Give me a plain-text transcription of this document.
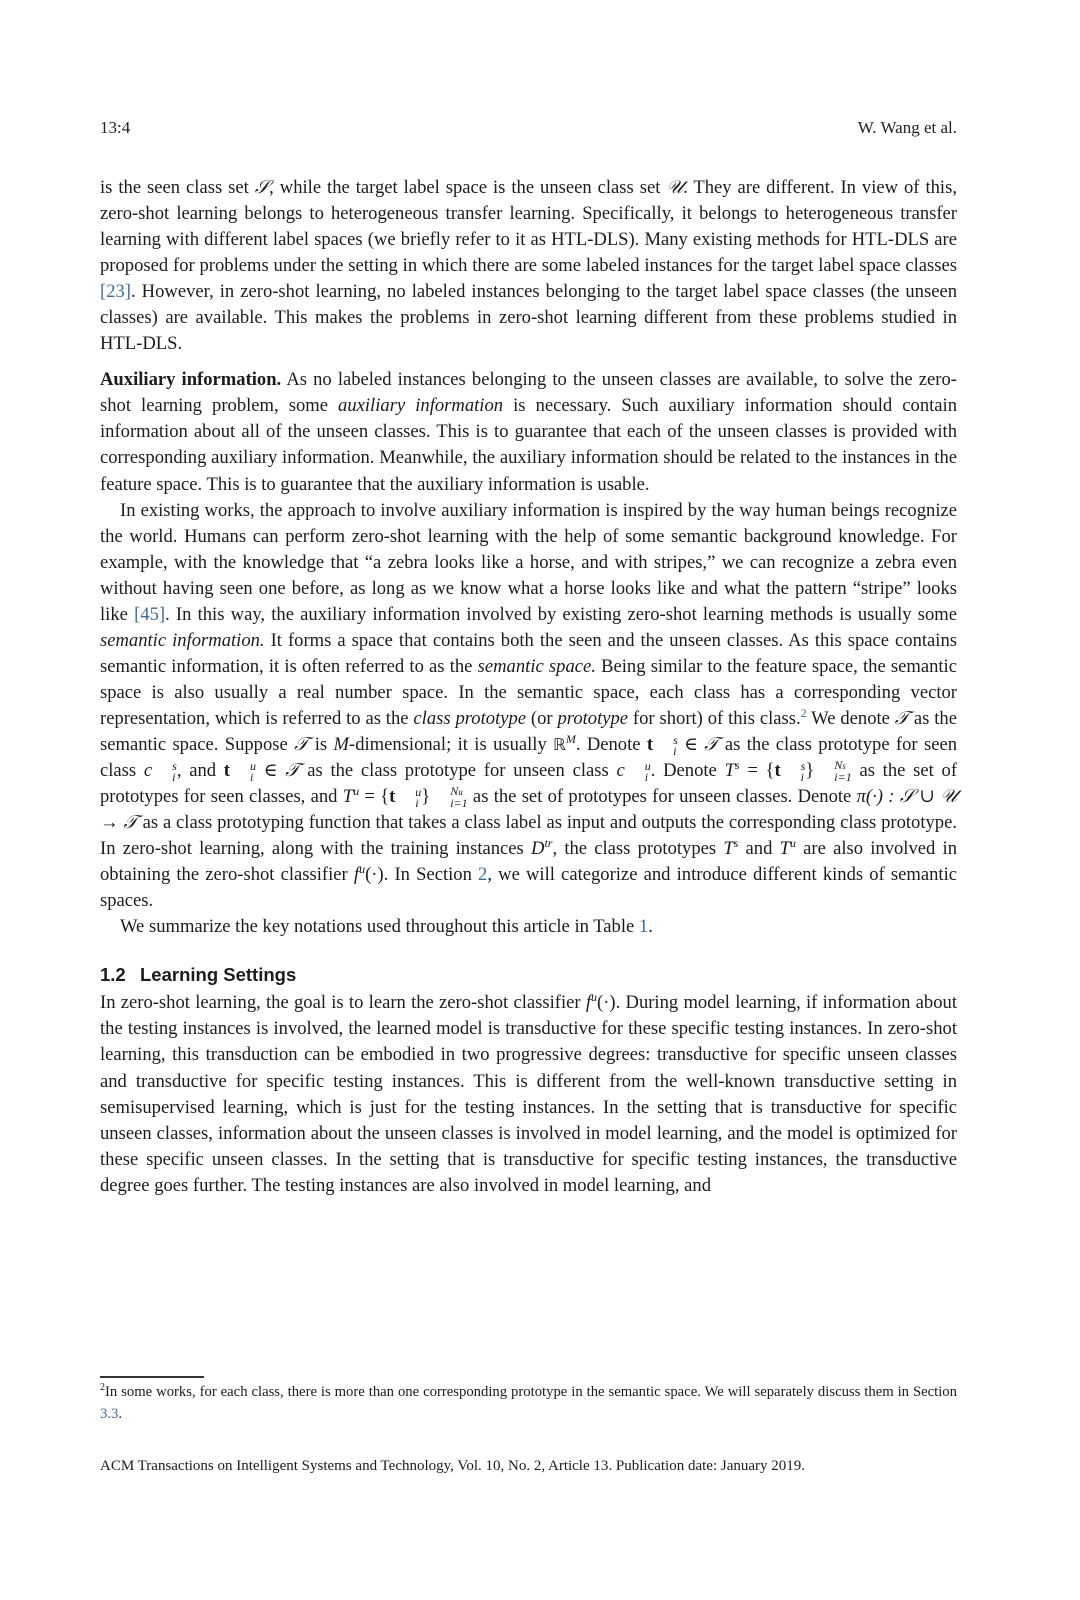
13:4	W. Wang et al.

is the seen class set 𝒮, while the target label space is the unseen class set 𝒰. They are different. In view of this, zero-shot learning belongs to heterogeneous transfer learning. Specifically, it belongs to heterogeneous transfer learning with different label spaces (we briefly refer to it as HTL-DLS). Many existing methods for HTL-DLS are proposed for problems under the setting in which there are some labeled instances for the target label space classes [23]. However, in zero-shot learning, no labeled instances belonging to the target label space classes (the unseen classes) are available. This makes the problems in zero-shot learning different from these problems studied in HTL-DLS.

Auxiliary information. As no labeled instances belonging to the unseen classes are available, to solve the zero-shot learning problem, some auxiliary information is necessary. Such auxiliary information should contain information about all of the unseen classes. This is to guarantee that each of the unseen classes is provided with corresponding auxiliary information. Meanwhile, the auxiliary information should be related to the instances in the feature space. This is to guarantee that the auxiliary information is usable.

In existing works, the approach to involve auxiliary information is inspired by the way human beings recognize the world. Humans can perform zero-shot learning with the help of some semantic background knowledge. For example, with the knowledge that “a zebra looks like a horse, and with stripes,” we can recognize a zebra even without having seen one before, as long as we know what a horse looks like and what the pattern “stripe” looks like [45]. In this way, the auxiliary information involved by existing zero-shot learning methods is usually some semantic information. It forms a space that contains both the seen and the unseen classes. As this space contains semantic information, it is often referred to as the semantic space. Being similar to the feature space, the semantic space is also usually a real number space. In the semantic space, each class has a corresponding vector representation, which is referred to as the class prototype (or prototype for short) of this class.$^2$ We denote 𝒯 as the semantic space. Suppose 𝒯 is M-dimensional; it is usually ℝ$^M$. Denote t	s
i ∈ 𝒯 as the class prototype for seen class c	s
i , and t	u
i ∈ 𝒯 as the class prototype for unseen class c	u
i . Denote $T^s = \{t$	s
i }	Ns
i=1 as the set of prototypes for seen classes, and $T^u = \{t$	u
i }	Nu
i=1 as the set of prototypes for unseen classes. Denote π(·) : 𝒮 ∪ 𝒰 → 𝒯 as a class prototyping function that takes a class label as input and outputs the corresponding class prototype. In zero-shot learning, along with the training instances $D^{tr}$, the class prototypes $T^s$ and $T^u$ are also involved in obtaining the zero-shot classifier $f^u(\cdot)$. In Section 2, we will categorize and introduce different kinds of semantic spaces.

We summarize the key notations used throughout this article in Table 1.

1.2 Learning Settings

In zero-shot learning, the goal is to learn the zero-shot classifier $f^u(\cdot)$. During model learning, if information about the testing instances is involved, the learned model is transductive for these specific testing instances. In zero-shot learning, this transduction can be embodied in two progressive degrees: transductive for specific unseen classes and transductive for specific testing instances. This is different from the well-known transductive setting in semisupervised learning, which is just for the testing instances. In the setting that is transductive for specific unseen classes, information about the unseen classes is involved in model learning, and the model is optimized for these specific unseen classes. In the setting that is transductive for specific testing instances, the transductive degree goes further. The testing instances are also involved in model learning, and

$^2$In some works, for each class, there is more than one corresponding prototype in the semantic space. We will separately discuss them in Section 3.3.
ACM Transactions on Intelligent Systems and Technology, Vol. 10, No. 2, Article 13. Publication date: January 2019.
